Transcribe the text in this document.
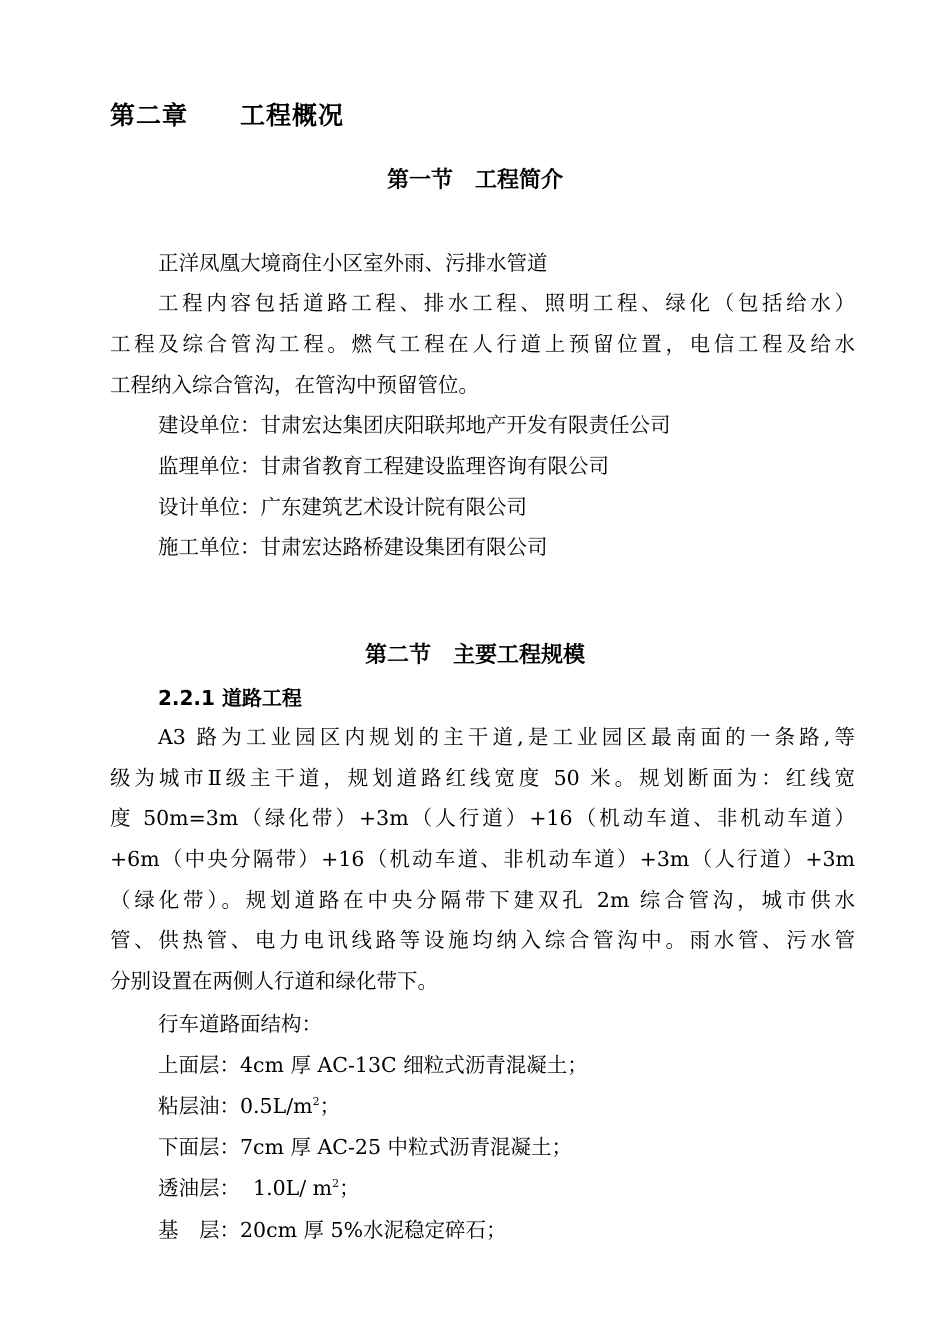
第二章　　工程概况
第一节　工程简介

正洋凤凰大境商住小区室外雨、污排水管道

工程内容包括道路工程、排水工程、照明工程、绿化（包括给水）

工程及综合管沟工程。燃气工程在人行道上预留位置，电信工程及给水

工程纳入综合管沟，在管沟中预留管位。

建设单位：甘肃宏达集团庆阳联邦地产开发有限责任公司

监理单位：甘肃省教育工程建设监理咨询有限公司

设计单位：广东建筑艺术设计院有限公司

施工单位：甘肃宏达路桥建设集团有限公司

第二节　主要工程规模
2.2.1 道路工程

A3 路为工业园区内规划的主干道,是工业园区最南面的一条路,等

级为城市Ⅱ级主干道，规划道路红线宽度 50 米。规划断面为：红线宽

度 50m=3m（绿化带）+3m（人行道）+16（机动车道、非机动车道）

+6m（中央分隔带）+16（机动车道、非机动车道）+3m（人行道）+3m

（绿化带）。规划道路在中央分隔带下建双孔 2m 综合管沟，城市供水

管、供热管、电力电讯线路等设施均纳入综合管沟中。雨水管、污水管

分别设置在两侧人行道和绿化带下。

行车道路面结构：

上面层：4cm 厚 AC-13C 细粒式沥青混凝土；

粘层油：$0.5L/m^2$；

下面层：7cm 厚 AC-25 中粒式沥青混凝土；

透油层：  1.0L/ $m^2$；

基　层：20cm 厚 5%水泥稳定碎石；
